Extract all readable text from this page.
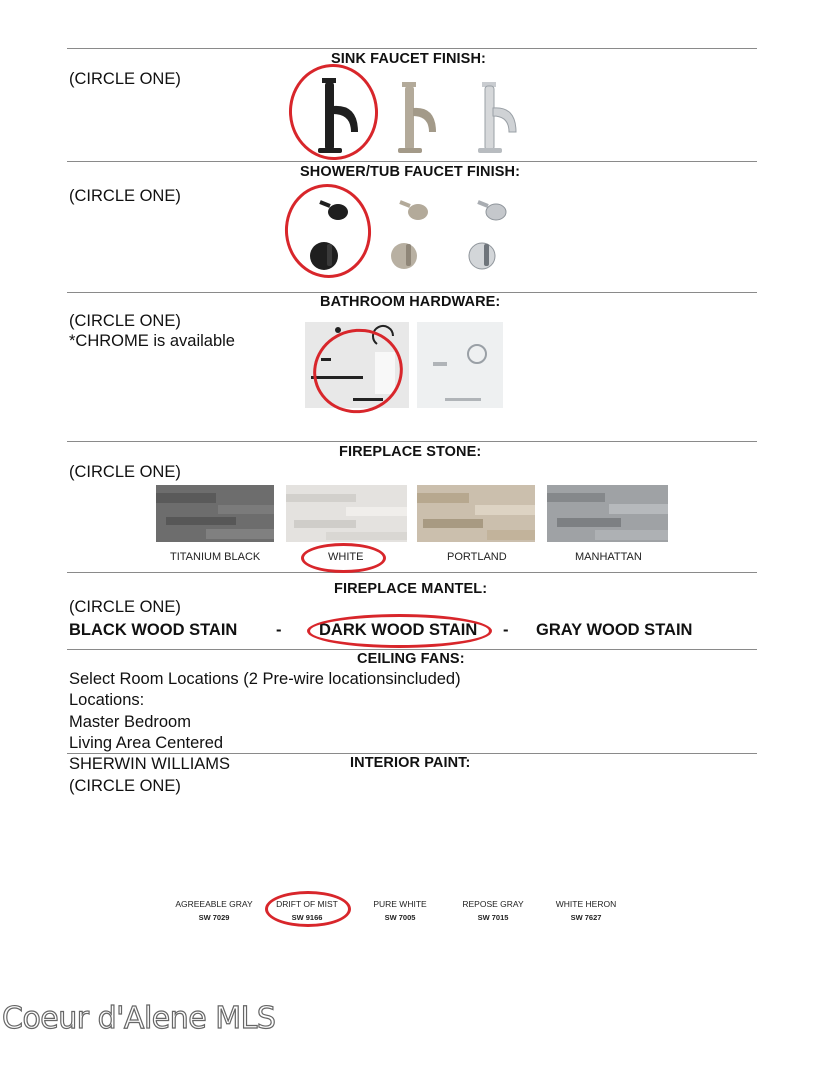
SINK FAUCET FINISH:
(CIRCLE ONE)
SHOWER/TUB FAUCET FINISH:
(CIRCLE ONE)
BATHROOM HARDWARE:
(CIRCLE ONE)
*CHROME is available
FIREPLACE STONE:
(CIRCLE ONE)
TITANIUM BLACK	WHITE	PORTLAND	MANHATTAN
FIREPLACE MANTEL:
(CIRCLE ONE)
BLACK WOOD STAIN - DARK WOOD STAIN - GRAY WOOD STAIN
CEILING FANS:
Select Room Locations (2 Pre-wire locationsincluded)
Locations:
Master Bedroom
Living Area Centered
INTERIOR PAINT:
SHERWIN WILLIAMS
(CIRCLE ONE)
AGREEABLE GRAY
SW 7029
DRIFT OF MIST
SW 9166
PURE WHITE
SW 7005
REPOSE GRAY
SW 7015
WHITE HERON
SW 7627
Coeur d'Alene MLS
